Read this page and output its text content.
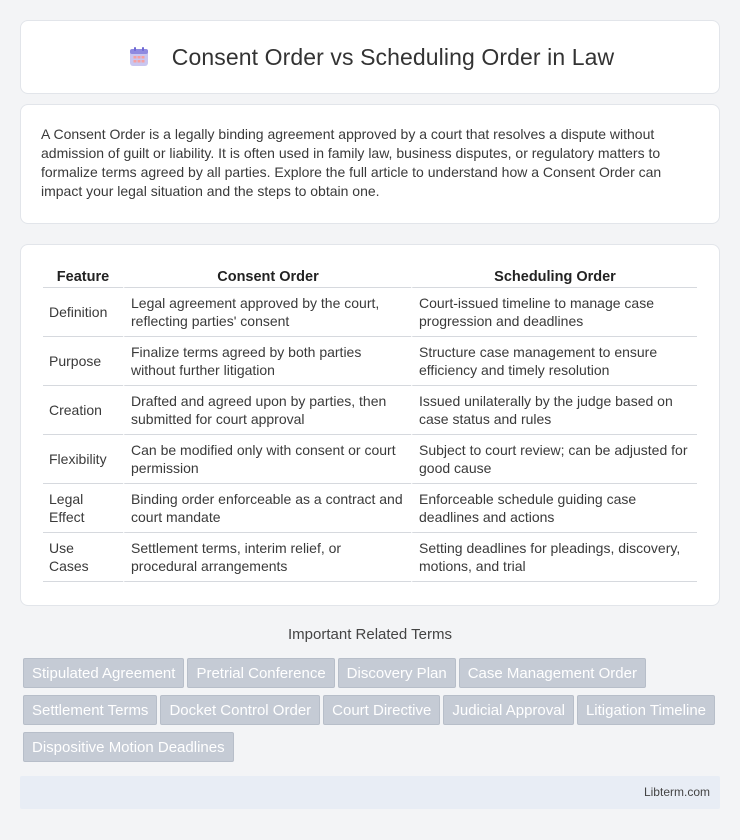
Consent Order vs Scheduling Order in Law

A Consent Order is a legally binding agreement approved by a court that resolves a dispute without admission of guilt or liability. It is often used in family law, business disputes, or regulatory matters to formalize terms agreed by all parties. Explore the full article to understand how a Consent Order can impact your legal situation and the steps to obtain one.

Feature	Consent Order	Scheduling Order
Definition	Legal agreement approved by the court, reflecting parties' consent	Court-issued timeline to manage case progression and deadlines
Purpose	Finalize terms agreed by both parties without further litigation	Structure case management to ensure efficiency and timely resolution
Creation	Drafted and agreed upon by parties, then submitted for court approval	Issued unilaterally by the judge based on case status and rules
Flexibility	Can be modified only with consent or court permission	Subject to court review; can be adjusted for good cause
Legal Effect	Binding order enforceable as a contract and court mandate	Enforceable schedule guiding case deadlines and actions
Use Cases	Settlement terms, interim relief, or procedural arrangements	Setting deadlines for pleadings, discovery, motions, and trial
Important Related Terms
Stipulated Agreement	Pretrial Conference	Discovery Plan	Case Management Order
Settlement Terms	Docket Control Order	Court Directive	Judicial Approval	Litigation Timeline
Dispositive Motion Deadlines
Libterm.com
